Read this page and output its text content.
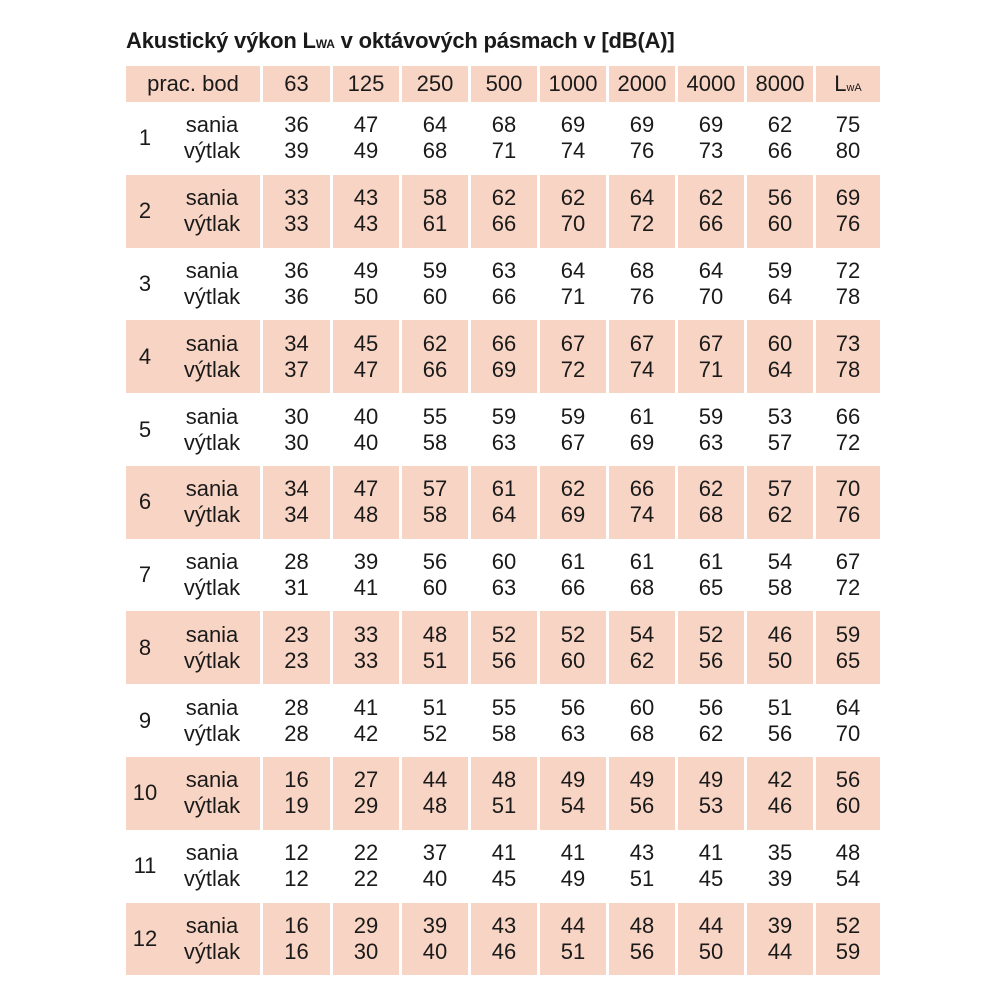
Akustický výkon LWA v oktávových pásmach v [dB(A)]
prac. bod		63	125	250	500	1000	2000	4000	8000	LwA
1	sania	36	47	64	68	69	69	69	62	75
	výtlak	39	49	68	71	74	76	73	66	80
2	sania	33	43	58	62	62	64	62	56	69
	výtlak	33	43	61	66	70	72	66	60	76
3	sania	36	49	59	63	64	68	64	59	72
	výtlak	36	50	60	66	71	76	70	64	78
4	sania	34	45	62	66	67	67	67	60	73
	výtlak	37	47	66	69	72	74	71	64	78
5	sania	30	40	55	59	59	61	59	53	66
	výtlak	30	40	58	63	67	69	63	57	72
6	sania	34	47	57	61	62	66	62	57	70
	výtlak	34	48	58	64	69	74	68	62	76
7	sania	28	39	56	60	61	61	61	54	67
	výtlak	31	41	60	63	66	68	65	58	72
8	sania	23	33	48	52	52	54	52	46	59
	výtlak	23	33	51	56	60	62	56	50	65
9	sania	28	41	51	55	56	60	56	51	64
	výtlak	28	42	52	58	63	68	62	56	70
10	sania	16	27	44	48	49	49	49	42	56
	výtlak	19	29	48	51	54	56	53	46	60
11	sania	12	22	37	41	41	43	41	35	48
	výtlak	12	22	40	45	49	51	45	39	54
12	sania	16	29	39	43	44	48	44	39	52
	výtlak	16	30	40	46	51	56	50	44	59
